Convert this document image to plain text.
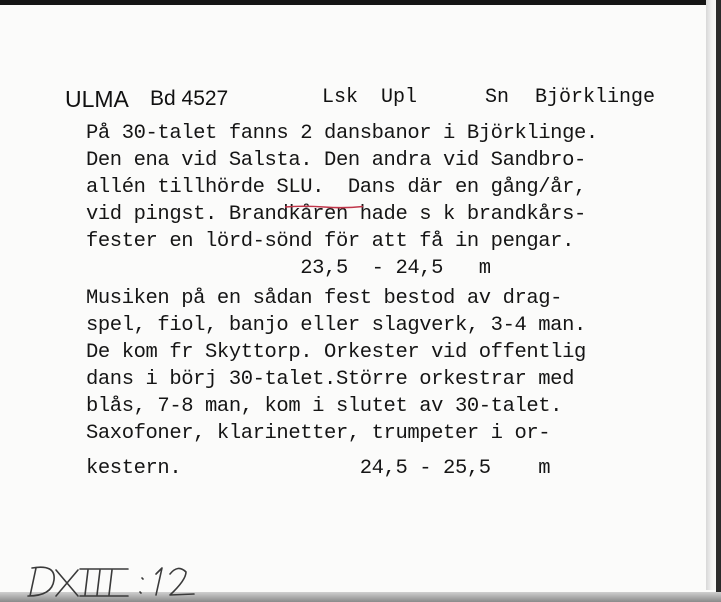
ULMA Bd 4527	Lsk Upl	Sn Björklinge
På 30-talet fanns 2 dansbanor i Björklinge.
Den ena vid Salsta. Den andra vid Sandbro-
allén tillhörde SLU.  Dans där en gång/år,
vid pingst. Brandkåren hade s k brandkårs-
fester en lörd-sönd för att få in pengar.
23,5  - 24,5   m
Musiken på en sådan fest bestod av drag-
spel, fiol, banjo eller slagverk, 3-4 man.
De kom fr Skyttorp. Orkester vid offentlig
dans i börj 30-talet.Större orkestrar med
blås, 7-8 man, kom i slutet av 30-talet.
Saxofoner, klarinetter, trumpeter i or-
kestern.               24,5 - 25,5    m
